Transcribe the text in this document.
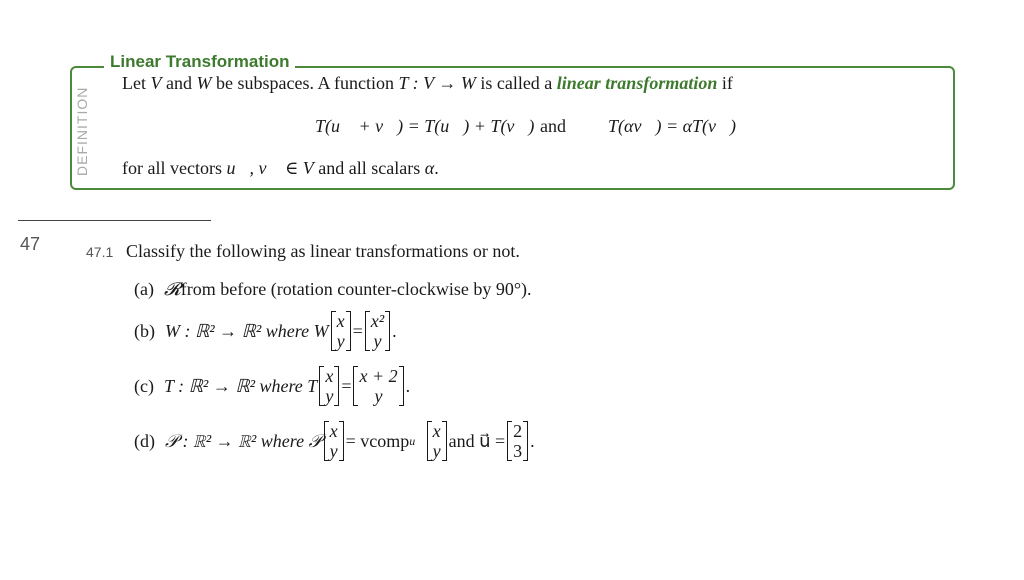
Linear Transformation
DEFINITION
Let V and W be subspaces. A function T : V → W is called a linear transformation if
T(u⃗ + v⃗) = T(u⃗) + T(v⃗) and T(αv⃗) = αT(v⃗)
for all vectors u⃗, v⃗ ∈ V and all scalars α.
47	47.1 Classify the following as linear transformations or not.
(a) 𝓡 from before (rotation counter-clockwise by 90°).
(b) W : ℝ² → ℝ² where W x
y
= x²
y
.
(c) T : ℝ² → ℝ² where T x
y
= x + 2
y
.
(d) 𝒫 : ℝ² → ℝ² where 𝒫 x
y
= vcomp u⃗ x
y
and u⃗ = 2
3
.
